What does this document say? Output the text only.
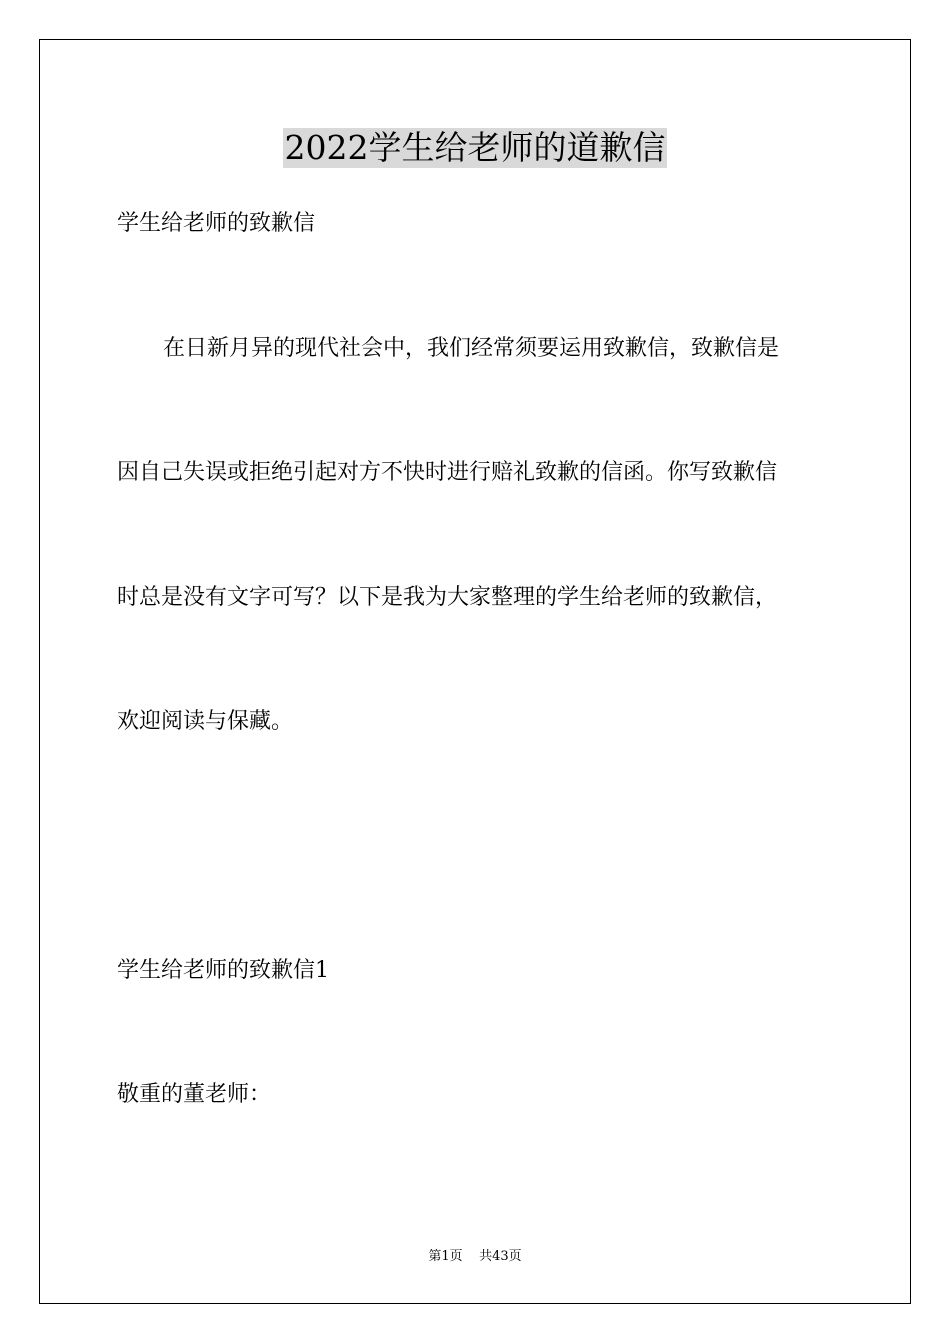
2022学生给老师的道歉信
学生给老师的致歉信
在日新月异的现代社会中，我们经常须要运用致歉信，致歉信是
因自己失误或拒绝引起对方不快时进行赔礼致歉的信函。你写致歉信
时总是没有文字可写？以下是我为大家整理的学生给老师的致歉信，
欢迎阅读与保藏。
学生给老师的致歉信1
敬重的董老师：
第1页 共43页
